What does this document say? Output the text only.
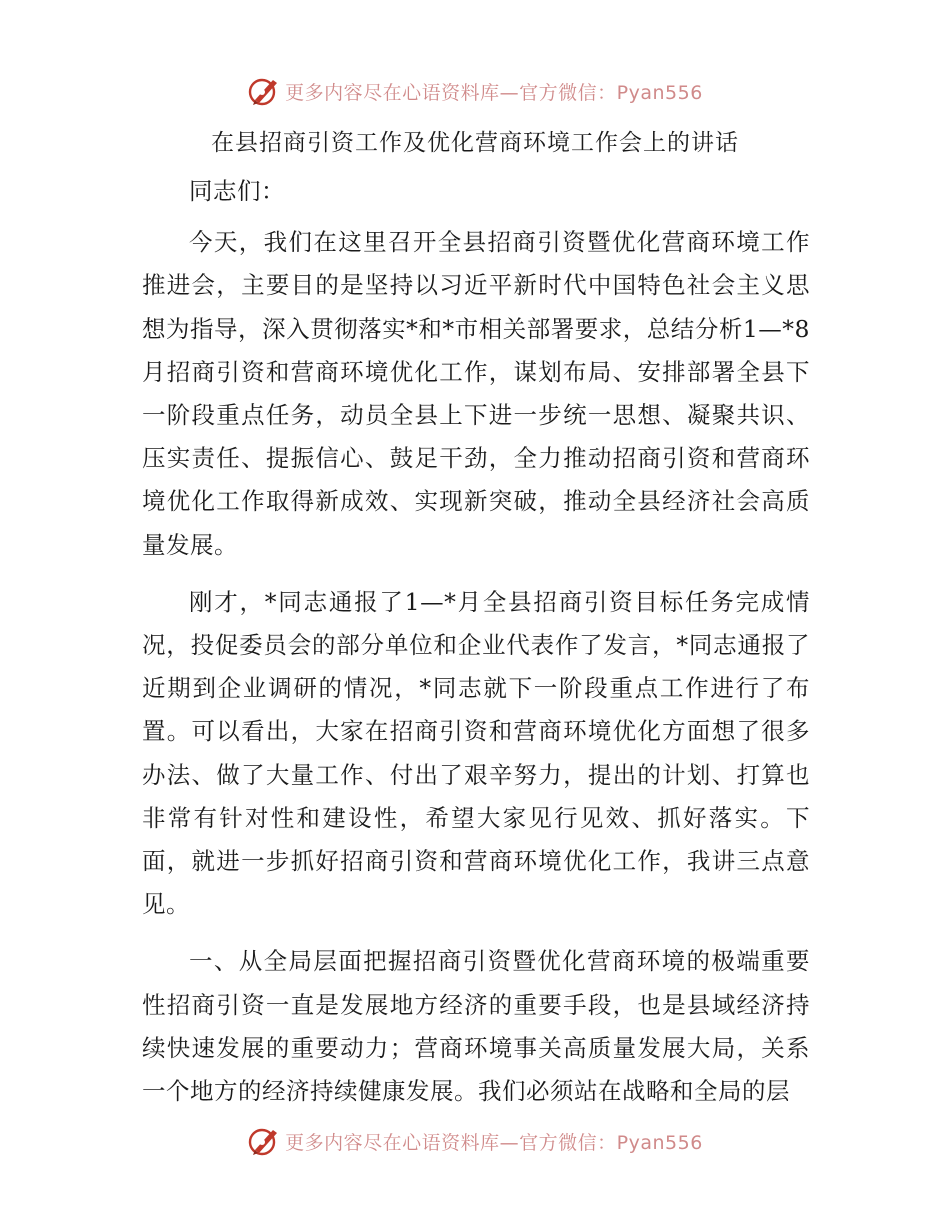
更多内容尽在心语资料库—官方微信：Pyan556
在县招商引资工作及优化营商环境工作会上的讲话

同志们：

今天，我们在这里召开全县招商引资暨优化营商环境工作推进会，主要目的是坚持以习近平新时代中国特色社会主义思想为指导，深入贯彻落实*和*市相关部署要求，总结分析1—*8月招商引资和营商环境优化工作，谋划布局、安排部署全县下一阶段重点任务，动员全县上下进一步统一思想、凝聚共识、压实责任、提振信心、鼓足干劲，全力推动招商引资和营商环境优化工作取得新成效、实现新突破，推动全县经济社会高质量发展。

刚才，*同志通报了1—*月全县招商引资目标任务完成情况，投促委员会的部分单位和企业代表作了发言，*同志通报了近期到企业调研的情况，*同志就下一阶段重点工作进行了布置。可以看出，大家在招商引资和营商环境优化方面想了很多办法、做了大量工作、付出了艰辛努力，提出的计划、打算也非常有针对性和建设性，希望大家见行见效、抓好落实。下面，就进一步抓好招商引资和营商环境优化工作，我讲三点意见。

一、从全局层面把握招商引资暨优化营商环境的极端重要性招商引资一直是发展地方经济的重要手段，也是县域经济持续快速发展的重要动力；营商环境事关高质量发展大局，关系一个地方的经济持续健康发展。我们必须站在战略和全局的层

更多内容尽在心语资料库—官方微信：Pyan556
